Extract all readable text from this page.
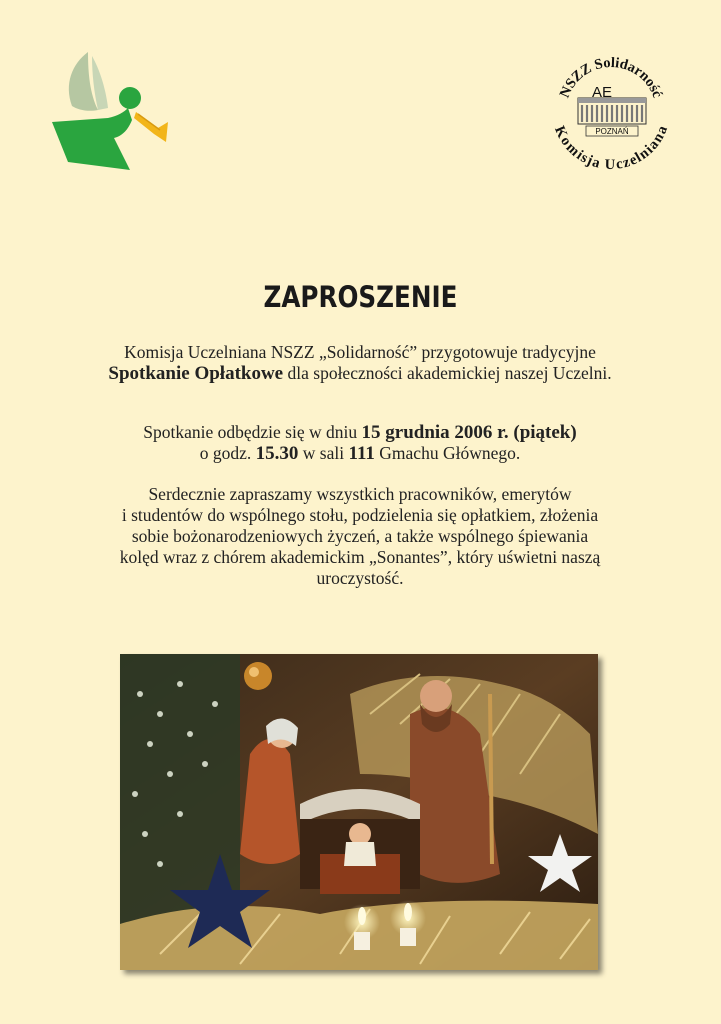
NSZZ Solidarność
Komisja Uczelniana
AE
POZNAŃ
ZAPROSZENIE
Komisja Uczelniana NSZZ „Solidarność” przygotowuje tradycyjne
Spotkanie Opłatkowe dla społeczności akademickiej naszej Uczelni.
Spotkanie odbędzie się w dniu 15 grudnia 2006 r. (piątek)
o godz. 15.30 w sali 111 Gmachu Głównego.
Serdecznie zapraszamy wszystkich pracowników, emerytów
i studentów do wspólnego stołu, podzielenia się opłatkiem, złożenia
sobie bożonarodzeniowych życzeń, a także wspólnego śpiewania
kolęd wraz z chórem akademickim „Sonantes”, który uświetni naszą
uroczystość.
